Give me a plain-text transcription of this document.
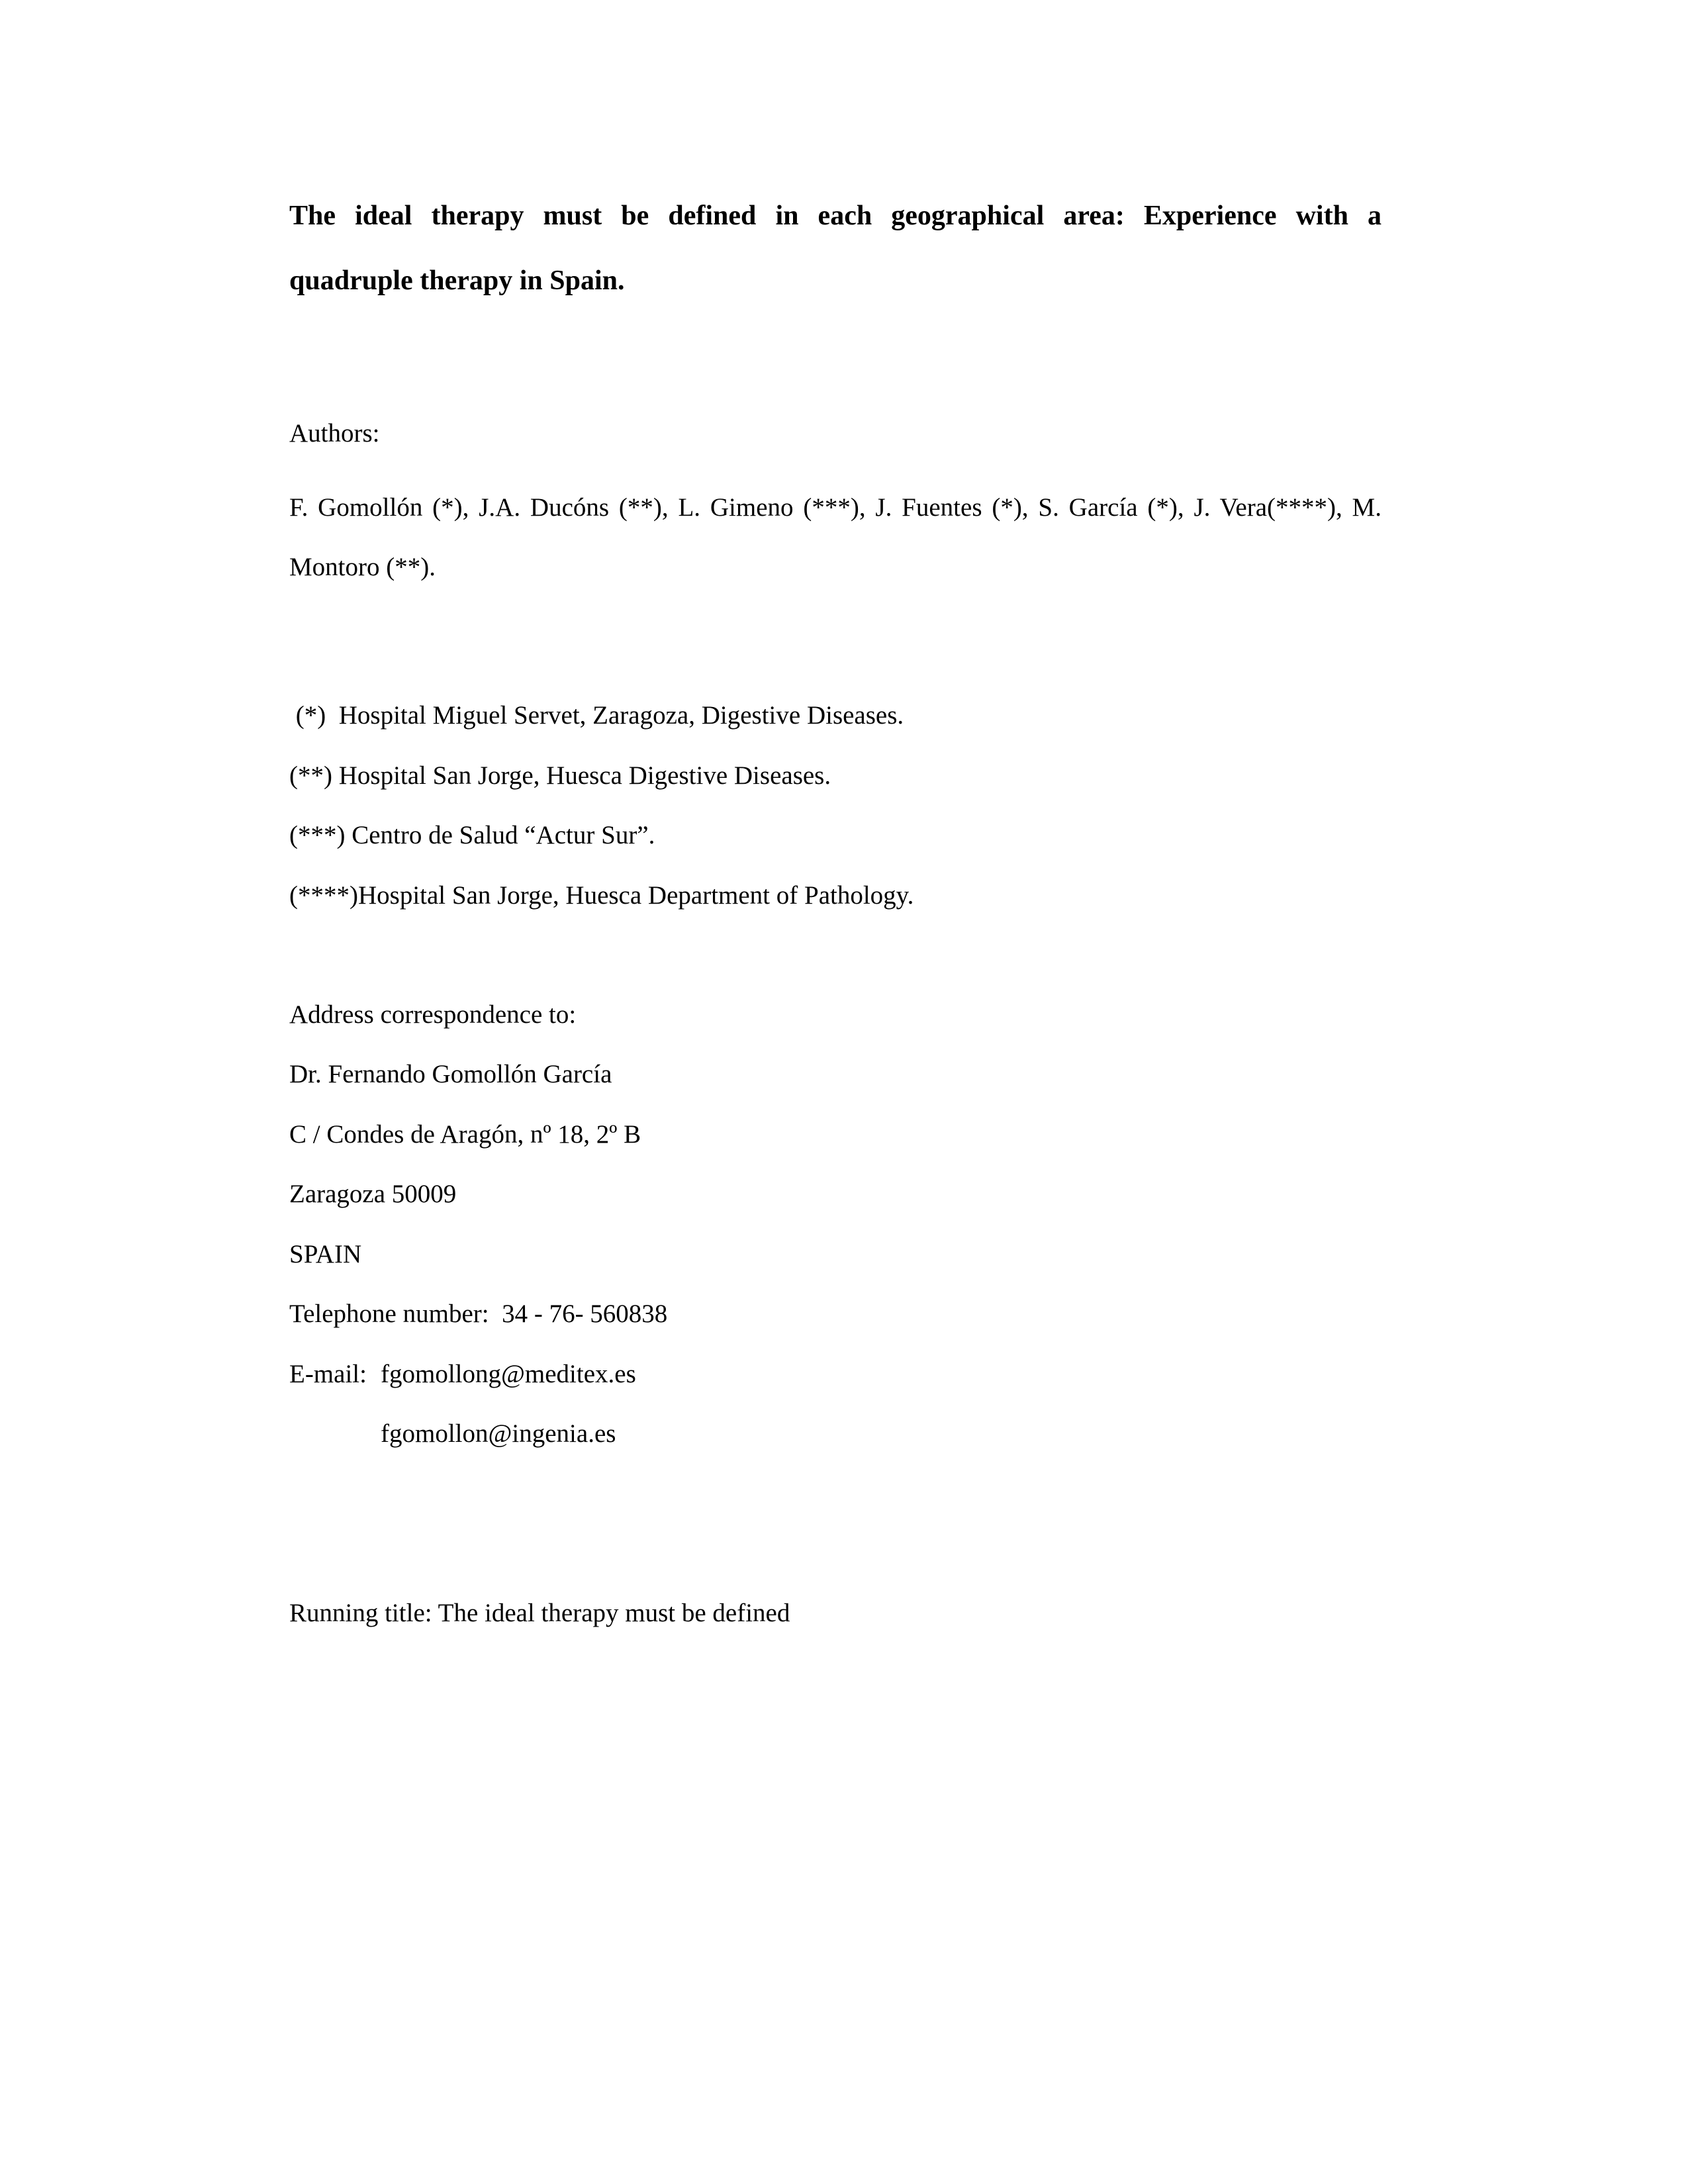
The ideal therapy must be defined in each geographical area: Experience with a
quadruple therapy in Spain.
Authors:
F. Gomollón (*), J.A. Ducóns (**), L. Gimeno (***), J. Fuentes (*), S. García (*), J. Vera(****), M.
Montoro (**).
(*)  Hospital Miguel Servet, Zaragoza, Digestive Diseases.
(**) Hospital San Jorge, Huesca Digestive Diseases.
(***) Centro de Salud “Actur Sur”.
(****)Hospital San Jorge, Huesca Department of Pathology.
Address correspondence to:
Dr. Fernando Gomollón García
C / Condes de Aragón, nº 18, 2º B
Zaragoza 50009
SPAIN
Telephone number:  34 - 76- 560838
E-mail: fgomollong@meditex.es
fgomollon@ingenia.es
Running title: The ideal therapy must be defined
